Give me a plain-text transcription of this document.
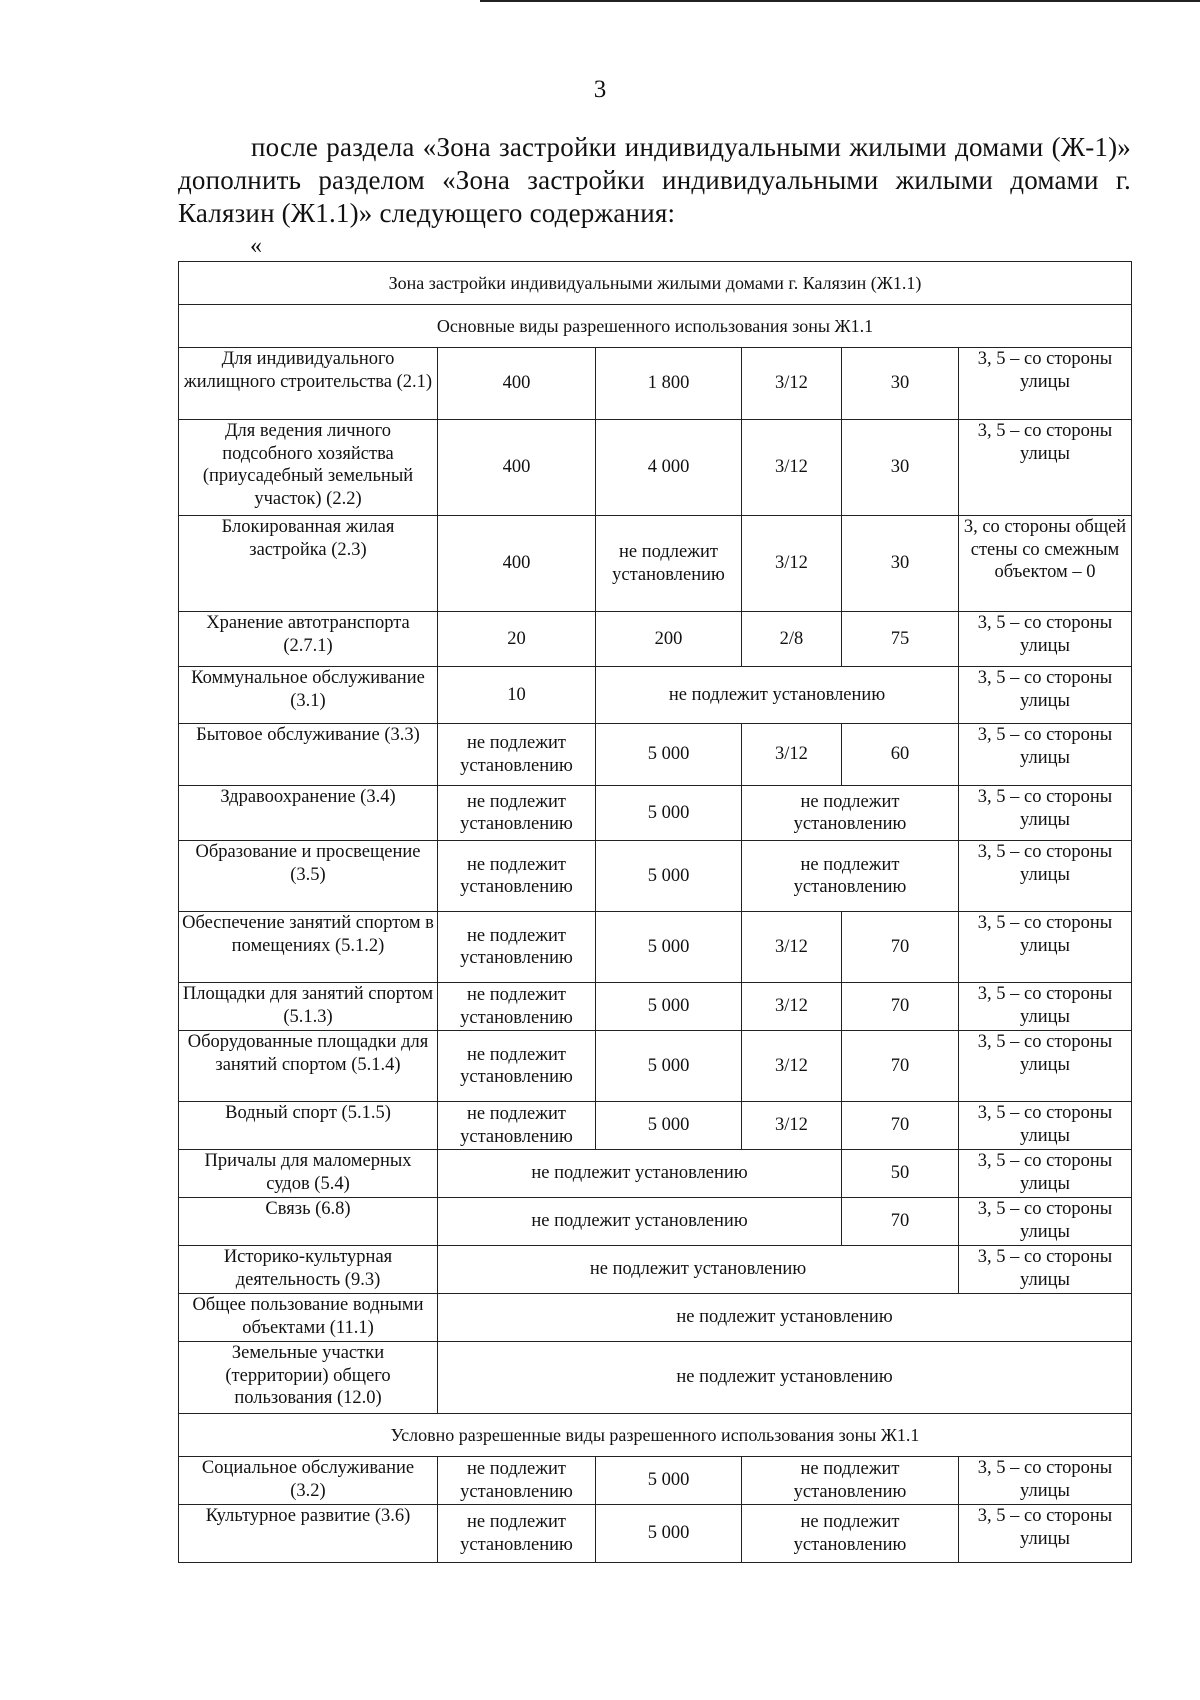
3
после раздела «Зона застройки индивидуальными жилыми домами (Ж-1)» дополнить разделом «Зона застройки индивидуальными жилыми домами г. Калязин (Ж1.1)» следующего содержания:
«
Зона застройки индивидуальными жилыми домами г. Калязин (Ж1.1)					
Основные виды разрешенного использования зоны Ж1.1					
Для индивидуального жилищного строительства (2.1)	400	1 800	3/12	30	3, 5 – со стороны улицы
Для ведения личного подсобного хозяйства (приусадебный земельный участок) (2.2)	400	4 000	3/12	30	3, 5 – со стороны улицы
Блокированная жилая застройка (2.3)	400	не подлежит установлению	3/12	30	3, со стороны общей стены со смежным объектом – 0
Хранение автотранспорта (2.7.1)	20	200	2/8	75	3, 5 – со стороны улицы
Коммунальное обслуживание (3.1)	10	не подлежит установлению			3, 5 – со стороны улицы
Бытовое обслуживание (3.3)	не подлежит установлению	5 000	3/12	60	3, 5 – со стороны улицы
Здравоохранение (3.4)	не подлежит установлению	5 000	не подлежит установлению		3, 5 – со стороны улицы
Образование и просвещение (3.5)	не подлежит установлению	5 000	не подлежит установлению		3, 5 – со стороны улицы
Обеспечение занятий спортом в помещениях (5.1.2)	не подлежит установлению	5 000	3/12	70	3, 5 – со стороны улицы
Площадки для занятий спортом (5.1.3)	не подлежит установлению	5 000	3/12	70	3, 5 – со стороны улицы
Оборудованные площадки для занятий спортом (5.1.4)	не подлежит установлению	5 000	3/12	70	3, 5 – со стороны улицы
Водный спорт (5.1.5)	не подлежит установлению	5 000	3/12	70	3, 5 – со стороны улицы
Причалы для маломерных судов (5.4)	не подлежит установлению			50	3, 5 – со стороны улицы
Связь (6.8)	не подлежит установлению			70	3, 5 – со стороны улицы
Историко-культурная деятельность (9.3)	не подлежит установлению				3, 5 – со стороны улицы
Общее пользование водными объектами (11.1)	не подлежит установлению				
Земельные участки (территории) общего пользования (12.0)	не подлежит установлению				
Условно разрешенные виды разрешенного использования зоны Ж1.1					
Социальное обслуживание (3.2)	не подлежит установлению	5 000	не подлежит установлению		3, 5 – со стороны улицы
Культурное развитие (3.6)	не подлежит установлению	5 000	не подлежит установлению		3, 5 – со стороны улицы
